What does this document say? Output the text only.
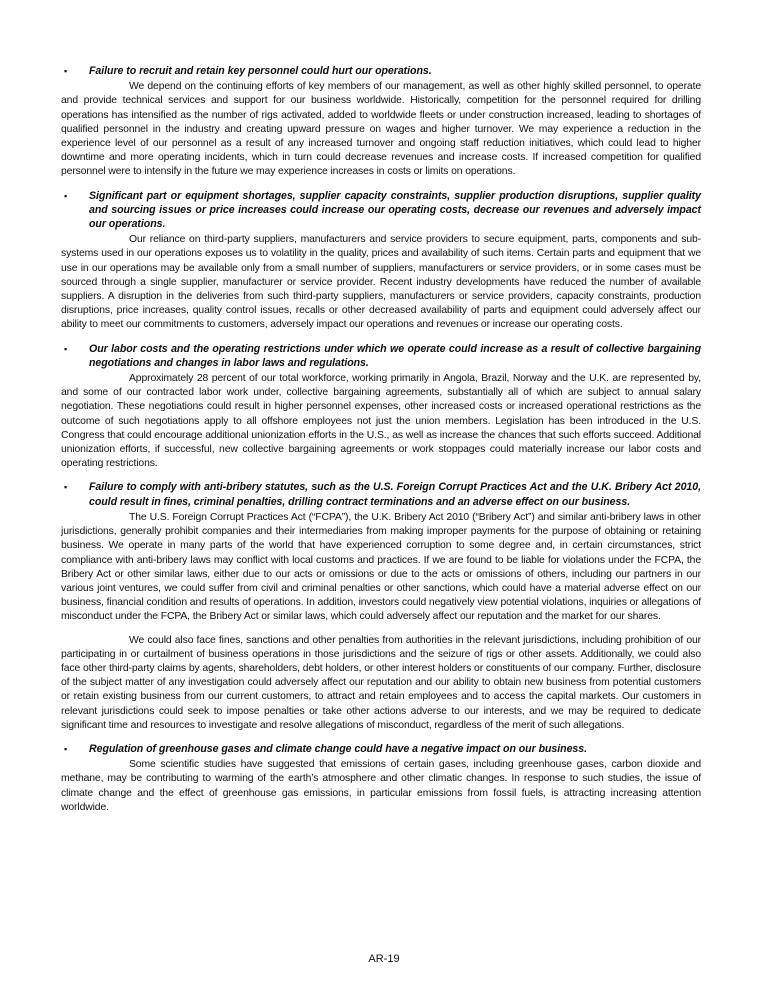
▪ Failure to recruit and retain key personnel could hurt our operations.

We depend on the continuing efforts of key members of our management, as well as other highly skilled personnel, to operate and provide technical services and support for our business worldwide. Historically, competition for the personnel required for drilling operations has intensified as the number of rigs activated, added to worldwide fleets or under construction increased, leading to shortages of qualified personnel in the industry and creating upward pressure on wages and higher turnover. We may experience a reduction in the experience level of our personnel as a result of any increased turnover and ongoing staff reduction initiatives, which could lead to higher downtime and more operating incidents, which in turn could decrease revenues and increase costs. If increased competition for qualified personnel were to intensify in the future we may experience increases in costs or limits on operations.

▪ Significant part or equipment shortages, supplier capacity constraints, supplier production disruptions, supplier quality and sourcing issues or price increases could increase our operating costs, decrease our revenues and adversely impact our operations.

Our reliance on third-party suppliers, manufacturers and service providers to secure equipment, parts, components and sub-systems used in our operations exposes us to volatility in the quality, prices and availability of such items. Certain parts and equipment that we use in our operations may be available only from a small number of suppliers, manufacturers or service providers, or in some cases must be sourced through a single supplier, manufacturer or service provider. Recent industry developments have reduced the number of available suppliers. A disruption in the deliveries from such third-party suppliers, manufacturers or service providers, capacity constraints, production disruptions, price increases, quality control issues, recalls or other decreased availability of parts and equipment could adversely affect our ability to meet our commitments to customers, adversely impact our operations and revenues or increase our operating costs.

▪ Our labor costs and the operating restrictions under which we operate could increase as a result of collective bargaining negotiations and changes in labor laws and regulations.

Approximately 28 percent of our total workforce, working primarily in Angola, Brazil, Norway and the U.K. are represented by, and some of our contracted labor work under, collective bargaining agreements, substantially all of which are subject to annual salary negotiation. These negotiations could result in higher personnel expenses, other increased costs or increased operational restrictions as the outcome of such negotiations apply to all offshore employees not just the union members. Legislation has been introduced in the U.S. Congress that could encourage additional unionization efforts in the U.S., as well as increase the chances that such efforts succeed. Additional unionization efforts, if successful, new collective bargaining agreements or work stoppages could materially increase our labor costs and operating restrictions.

▪ Failure to comply with anti-bribery statutes, such as the U.S. Foreign Corrupt Practices Act and the U.K. Bribery Act 2010, could result in fines, criminal penalties, drilling contract terminations and an adverse effect on our business.

The U.S. Foreign Corrupt Practices Act (“FCPA”), the U.K. Bribery Act 2010 (“Bribery Act”) and similar anti-bribery laws in other jurisdictions, generally prohibit companies and their intermediaries from making improper payments for the purpose of obtaining or retaining business. We operate in many parts of the world that have experienced corruption to some degree and, in certain circumstances, strict compliance with anti-bribery laws may conflict with local customs and practices. If we are found to be liable for violations under the FCPA, the Bribery Act or other similar laws, either due to our acts or omissions or due to the acts or omissions of others, including our partners in our various joint ventures, we could suffer from civil and criminal penalties or other sanctions, which could have a material adverse effect on our business, financial condition and results of operations. In addition, investors could negatively view potential violations, inquiries or allegations of misconduct under the FCPA, the Bribery Act or similar laws, which could adversely affect our reputation and the market for our shares.

We could also face fines, sanctions and other penalties from authorities in the relevant jurisdictions, including prohibition of our participating in or curtailment of business operations in those jurisdictions and the seizure of rigs or other assets. Additionally, we could also face other third-party claims by agents, shareholders, debt holders, or other interest holders or constituents of our company. Further, disclosure of the subject matter of any investigation could adversely affect our reputation and our ability to obtain new business from potential customers or retain existing business from our current customers, to attract and retain employees and to access the capital markets. Our customers in relevant jurisdictions could seek to impose penalties or take other actions adverse to our interests, and we may be required to dedicate significant time and resources to investigate and resolve allegations of misconduct, regardless of the merit of such allegations.

▪ Regulation of greenhouse gases and climate change could have a negative impact on our business.

Some scientific studies have suggested that emissions of certain gases, including greenhouse gases, carbon dioxide and methane, may be contributing to warming of the earth’s atmosphere and other climatic changes. In response to such studies, the issue of climate change and the effect of greenhouse gas emissions, in particular emissions from fossil fuels, is attracting increasing attention worldwide.

AR-19
